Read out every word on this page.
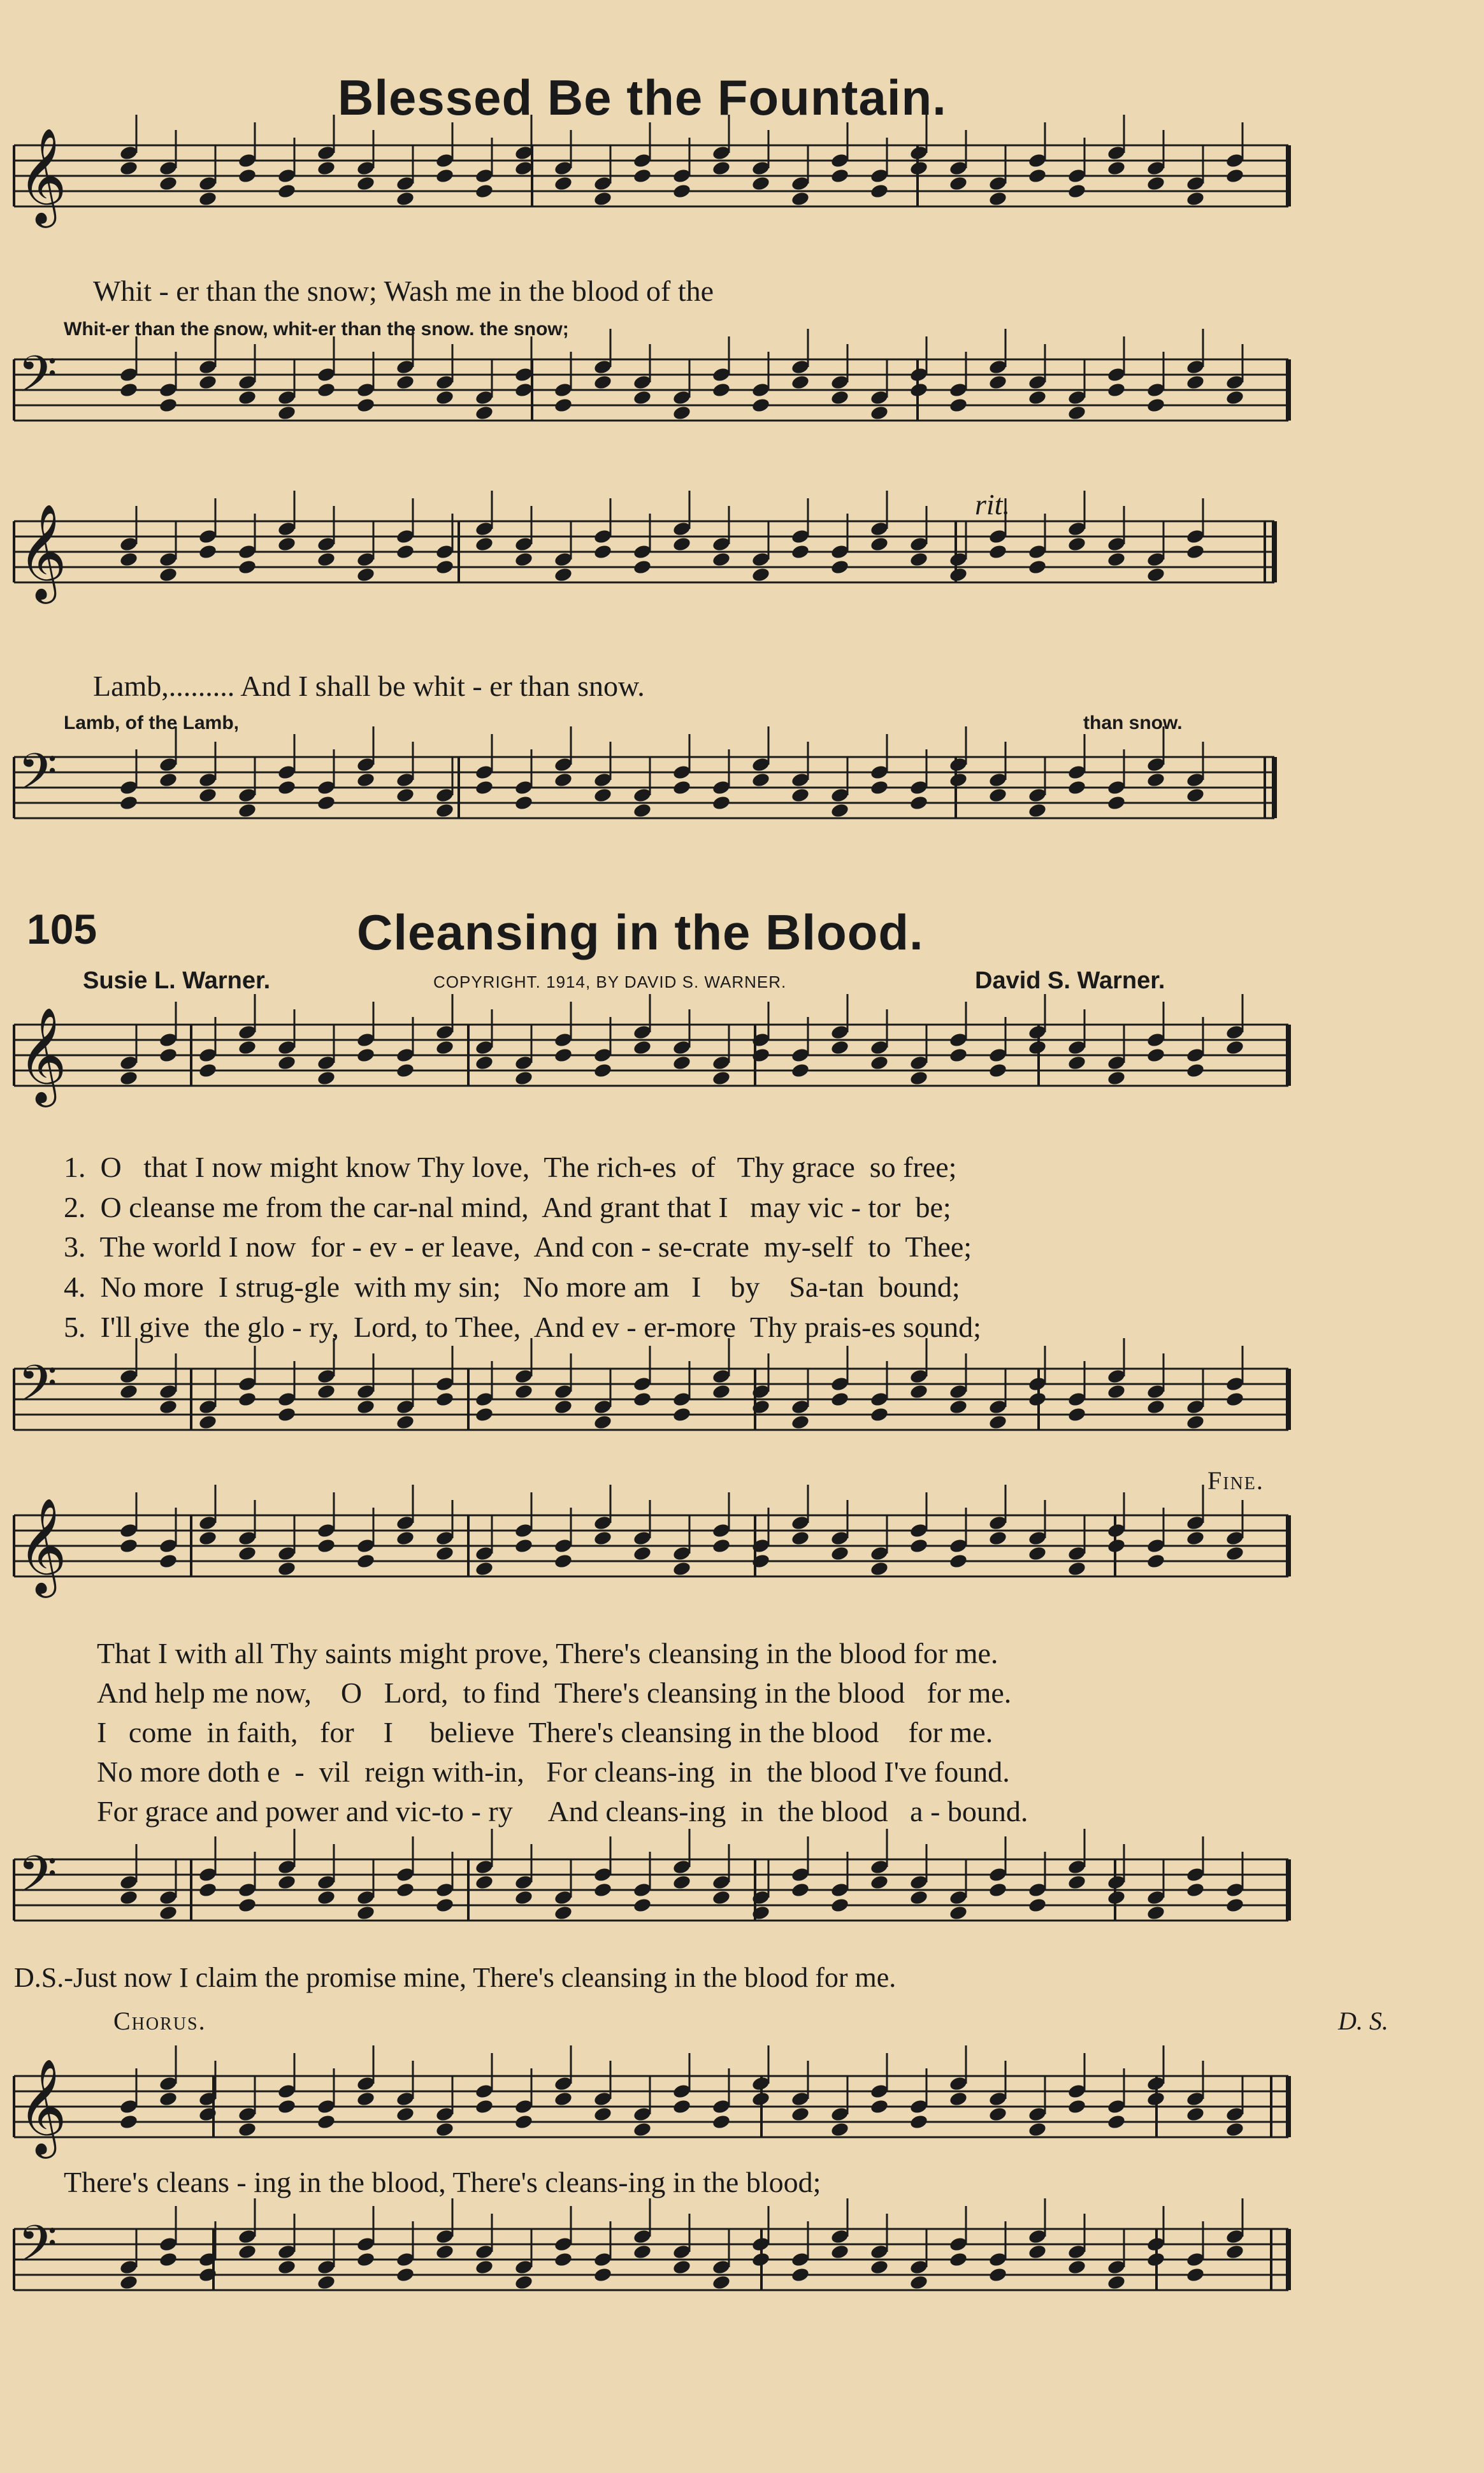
𝄞
𝄢
𝄞
𝄢
𝄞
𝄢
𝄞
𝄢
𝄞
𝄢
Blessed Be the Fountain.
Whit - er than the snow; Wash me in the blood of the
Whit-er than the snow, whit-er than the snow. the snow;
rit.
Lamb,......... And I shall be whit - er than snow.
Lamb, of the Lamb,	than snow.
105	Cleansing in the Blood.
Susie L. Warner.	COPYRIGHT. 1914, BY DAVID S. WARNER.	David S. Warner.
1.  O   that I now might know Thy love,  The rich-es  of   Thy grace  so free;
2.  O cleanse me from the car-nal mind,  And grant that I   may vic - tor  be;
3.  The world I now  for - ev - er leave,  And con - se-crate  my-self  to  Thee;
4.  No more  I strug-gle  with my sin;   No more am   I    by    Sa-tan  bound;
5.  I'll give  the glo - ry,  Lord, to Thee,  And ev - er-more  Thy prais-es sound;
Fine.
That I with all Thy saints might prove, There's cleansing in the blood for me.
And help me now,    O   Lord,  to find  There's cleansing in the blood   for me.
I   come  in faith,   for    I     believe  There's cleansing in the blood    for me.
No more doth e  -  vil  reign with-in,   For cleans-ing  in  the blood I've found.
For grace and power and vic-to - ry     And cleans-ing  in  the blood   a - bound.
D.S.-Just now I claim the promise mine, There's cleansing in the blood for me.
Chorus.	D. S.
There's cleans - ing in the blood, There's cleans-ing in the blood;
